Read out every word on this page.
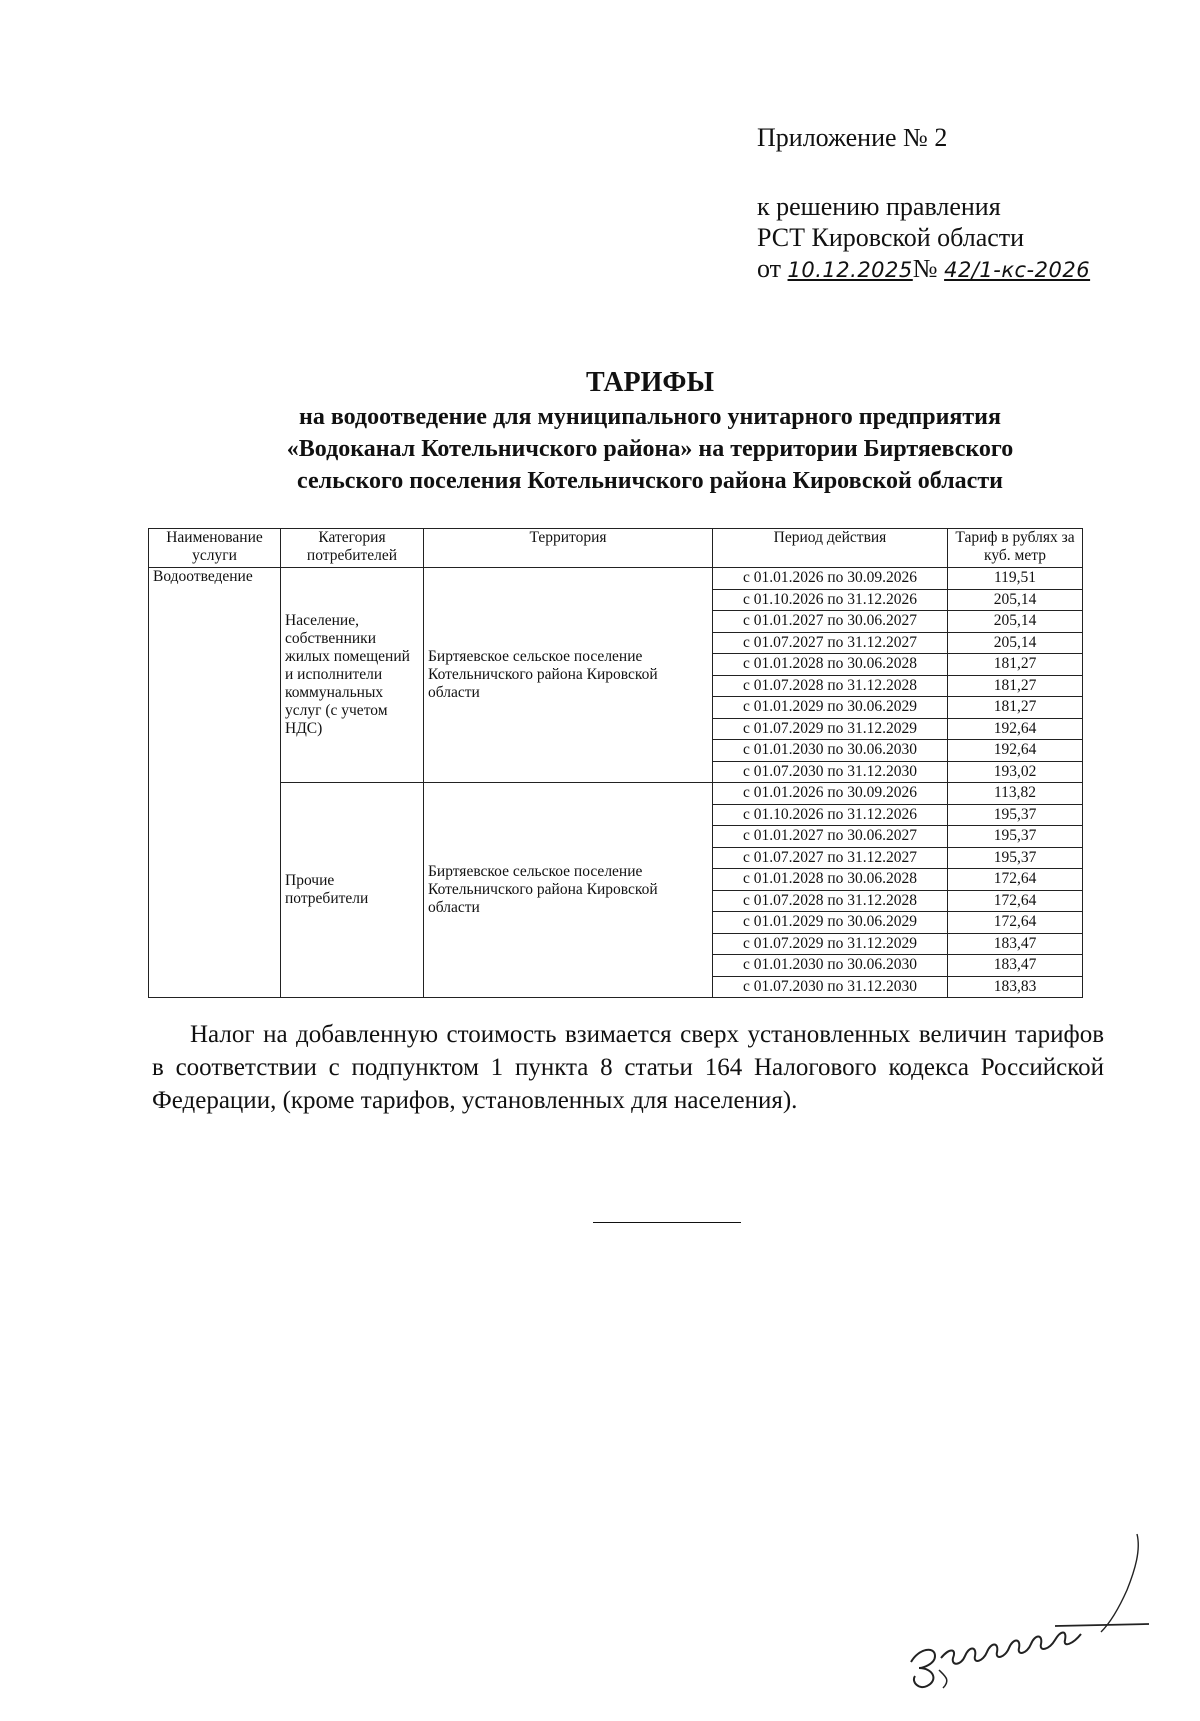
Приложение № 2
к решению правления
РСТ Кировской области
от 10.12.2025№ 42/1-кс-2026
ТАРИФЫ
на водоотведение для муниципального унитарного предприятия
«Водоканал Котельничского района» на территории Биртяевского
сельского поселения Котельничского района Кировской области
Наименование услуги	Категория потребителей	Территория	Период действия	Тариф в рублях за куб. метр
Водоотведение	Население, собственники жилых помещений и исполнители коммунальных услуг (с учетом НДС)	Биртяевское сельское поселение Котельничского района Кировской области	с 01.01.2026 по 30.09.2026	119,51
			с 01.10.2026 по 31.12.2026	205,14
			с 01.01.2027 по 30.06.2027	205,14
			с 01.07.2027 по 31.12.2027	205,14
			с 01.01.2028 по 30.06.2028	181,27
			с 01.07.2028 по 31.12.2028	181,27
			с 01.01.2029 по 30.06.2029	181,27
			с 01.07.2029 по 31.12.2029	192,64
			с 01.01.2030 по 30.06.2030	192,64
			с 01.07.2030 по 31.12.2030	193,02
	Прочие потребители	Биртяевское сельское поселение Котельничского района Кировской области	с 01.01.2026 по 30.09.2026	113,82
			с 01.10.2026 по 31.12.2026	195,37
			с 01.01.2027 по 30.06.2027	195,37
			с 01.07.2027 по 31.12.2027	195,37
			с 01.01.2028 по 30.06.2028	172,64
			с 01.07.2028 по 31.12.2028	172,64
			с 01.01.2029 по 30.06.2029	172,64
			с 01.07.2029 по 31.12.2029	183,47
			с 01.01.2030 по 30.06.2030	183,47
			с 01.07.2030 по 31.12.2030	183,83
Налог на добавленную стоимость взимается сверх установленных величин тарифов в соответствии с подпунктом 1 пункта 8 статьи 164 Налогового кодекса Российской Федерации, (кроме тарифов, установленных для населения).
